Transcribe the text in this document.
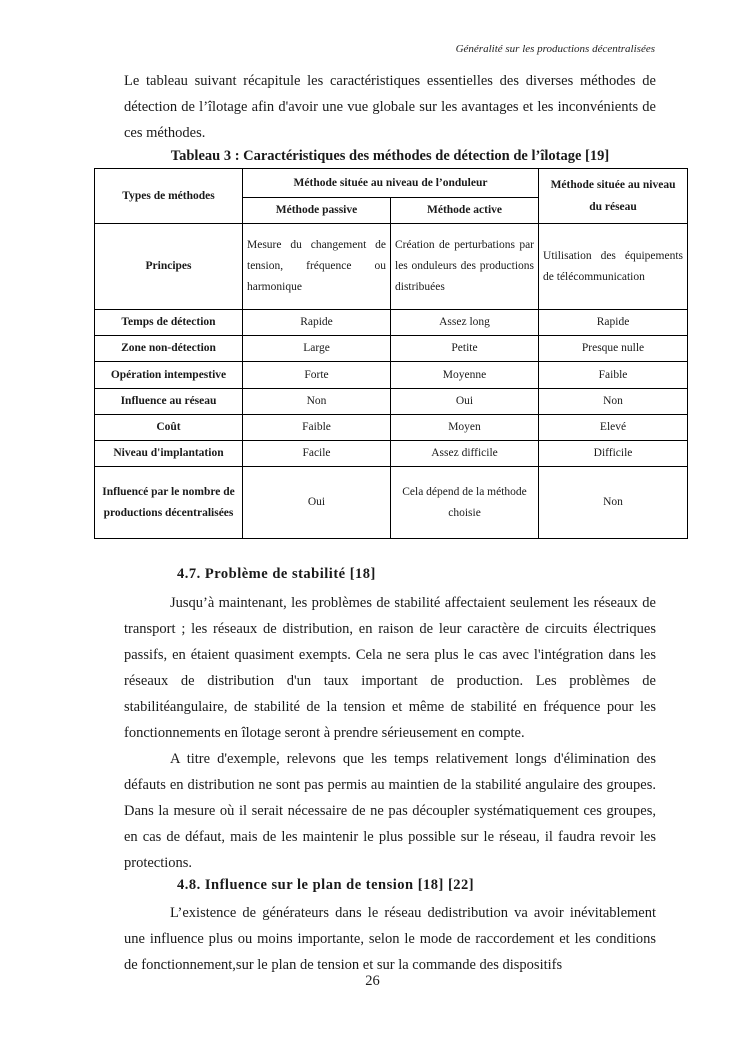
Généralité sur les productions décentralisées

Le tableau suivant récapitule les caractéristiques essentielles des diverses méthodes de détection de l’îlotage afin d'avoir une vue globale sur les avantages et les inconvénients de ces méthodes.

Tableau 3 : Caractéristiques des méthodes de détection de l’îlotage [19]

Types de méthodes	Méthode située au niveau de l’onduleur		Méthode située au niveau du réseau
	Méthode passive	Méthode active	
Principes	Mesure du changement de tension, fréquence ou harmonique	Création de perturbations par les onduleurs des productions distribuées	Utilisation des équipements de télécommunication
Temps de détection	Rapide	Assez long	Rapide
Zone non-détection	Large	Petite	Presque nulle
Opération intempestive	Forte	Moyenne	Faible
Influence au réseau	Non	Oui	Non
Coût	Faible	Moyen	Elevé
Niveau d'implantation	Facile	Assez difficile	Difficile
Influencé par le nombre de productions décentralisées	Oui	Cela dépend de la méthode choisie	Non

4.7. Problème de stabilité [18]

Jusqu’à maintenant, les problèmes de stabilité affectaient seulement les réseaux de transport ; les réseaux de distribution, en raison de leur caractère de circuits électriques passifs, en étaient quasiment exempts. Cela ne sera plus le cas avec l'intégration dans les réseaux de distribution d'un taux important de production. Les problèmes de stabilitéangulaire, de stabilité de la tension et même de stabilité en fréquence pour les fonctionnements en îlotage seront à prendre sérieusement en compte.

A titre d'exemple, relevons que les temps relativement longs d'élimination des défauts en distribution ne sont pas permis au maintien de la stabilité angulaire des groupes. Dans la mesure où il serait nécessaire de ne pas découpler systématiquement ces groupes, en cas de défaut, mais de les maintenir le plus possible sur le réseau, il faudra revoir les protections.

4.8. Influence sur le plan de tension [18] [22]

L’existence de générateurs dans le réseau dedistribution va avoir inévitablement une influence plus ou moins importante, selon le mode de raccordement et les conditions de fonctionnement,sur le plan de tension et sur la commande des dispositifs

26
